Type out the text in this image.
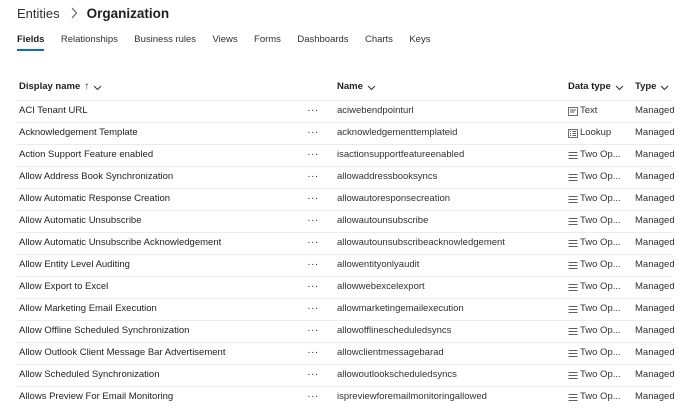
Entities Organization
Fields Relationships Business rules Views Forms Dashboards Charts Keys
Display name ↑	Name	Data type	Type
ACI Tenant URL	···	aciwebendpointurl	Text	Managed
Acknowledgement Template	···	acknowledgementtemplateid	Lookup	Managed
Action Support Feature enabled	···	isactionsupportfeatureenabled	Two Op... Managed
Allow Address Book Synchronization	···	allowaddressbooksyncs	Two Op... Managed
Allow Automatic Response Creation	···	allowautoresponsecreation	Two Op... Managed
Allow Automatic Unsubscribe	···	allowautounsubscribe	Two Op... Managed
Allow Automatic Unsubscribe Acknowledgement	···	allowautounsubscribeacknowledgement	Two Op... Managed
Allow Entity Level Auditing	···	allowentityonlyaudit	Two Op... Managed
Allow Export to Excel	···	allowwebexcelexport	Two Op... Managed
Allow Marketing Email Execution	···	allowmarketingemailexecution	Two Op... Managed
Allow Offline Scheduled Synchronization	···	allowofflinescheduledsyncs	Two Op... Managed
Allow Outlook Client Message Bar Advertisement	···	allowclientmessagebarad	Two Op... Managed
Allow Scheduled Synchronization	···	allowoutlookscheduledsyncs	Two Op... Managed
Allows Preview For Email Monitoring	···	ispreviewforemailmonitoringallowed	Two Op... Managed
